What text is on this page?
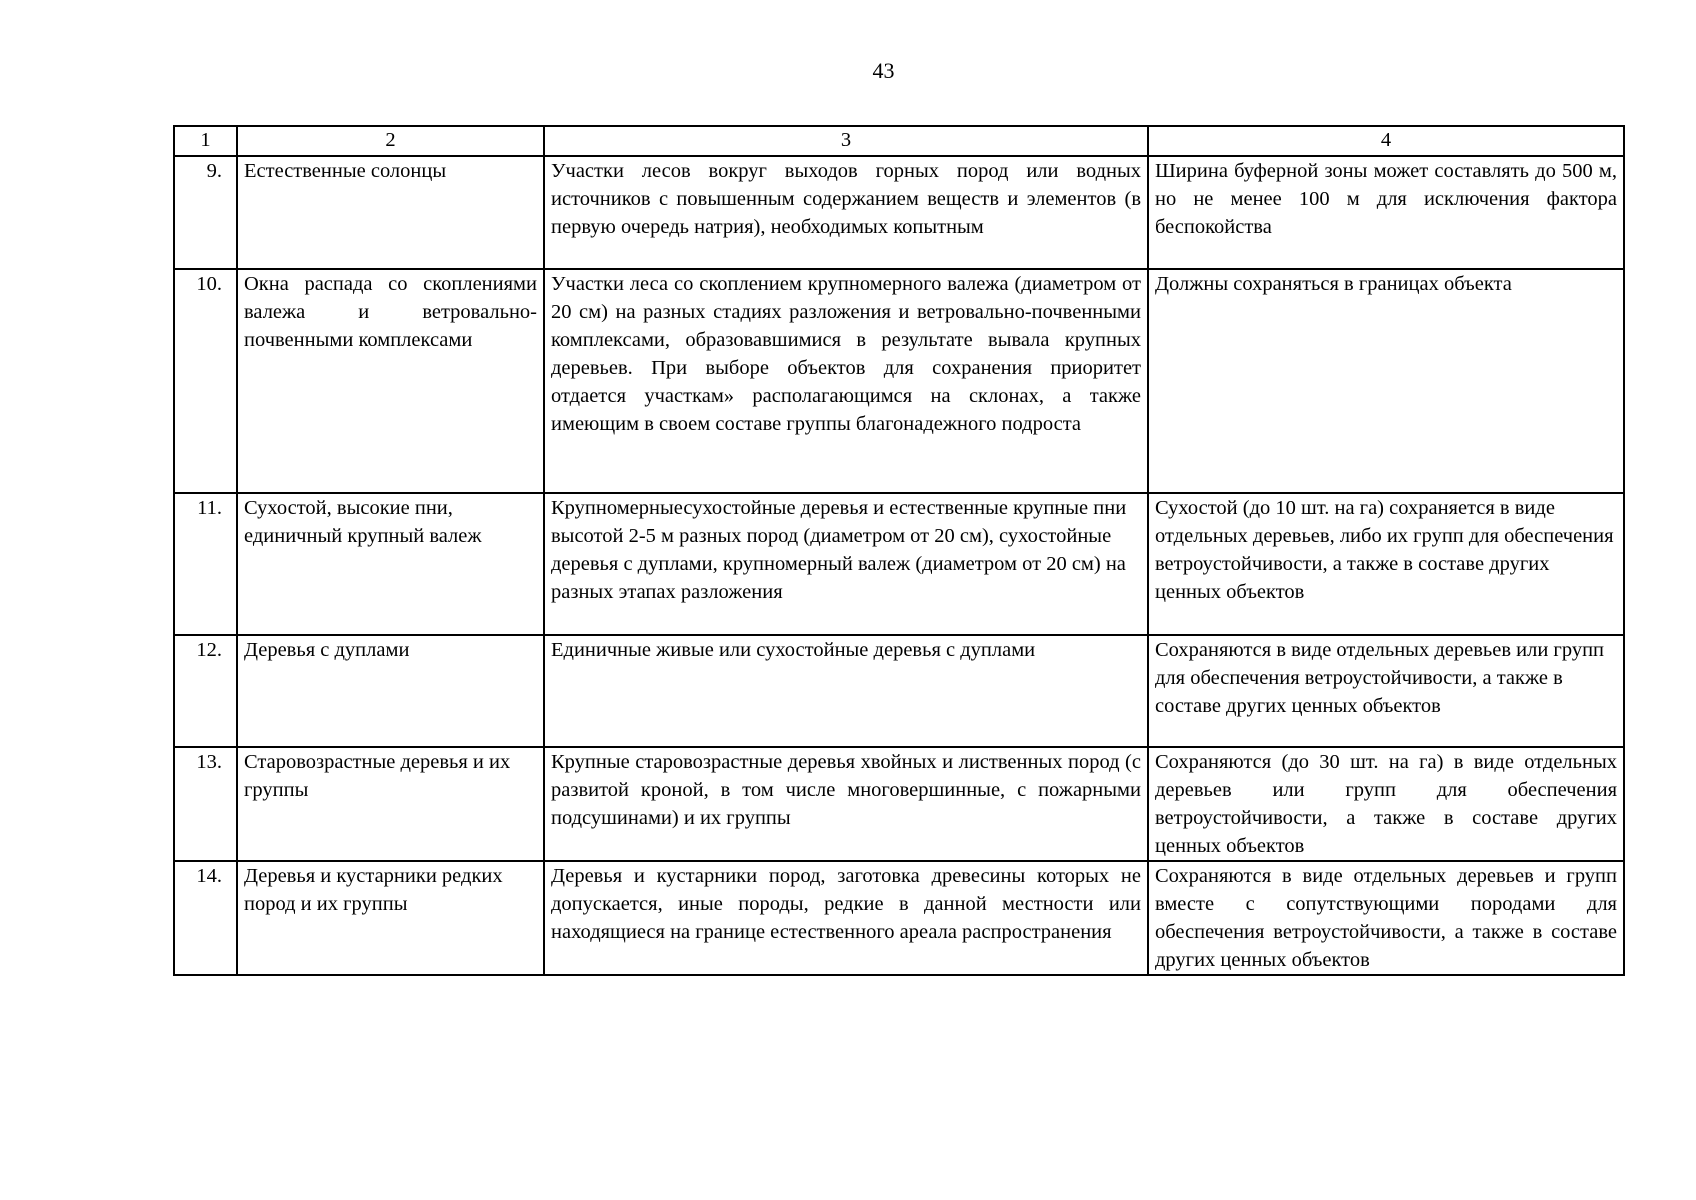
43
1	2	3	4
9.	Естественные солонцы	Участки лесов вокруг выходов горных пород или водных источников с повышенным содержанием веществ и элементов (в первую очередь натрия), необходимых копытным	Ширина буферной зоны может составлять до 500 м, но не менее 100 м для исключения фактора беспокойства
10.	Окна распада со скоплениями валежа и ветровально-почвенными комплексами	Участки леса со скоплением крупномерного валежа (диаметром от 20 см) на разных стадиях разложения и ветровально-почвенными комплексами, образовавшимися в результате вывала крупных деревьев. При выборе объектов для сохранения приоритет отдается участкам» располагающимся на склонах, а также имеющим в своем составе группы благонадежного подроста	Должны сохраняться в границах объекта
11.	Сухостой, высокие пни, единичный крупный валеж	Крупномерныесухостойные деревья и естественные крупные пни высотой 2-5 м разных пород (диаметром от 20 см), сухостойные деревья с дуплами, крупномерный валеж (диаметром от 20 см) на разных этапах разложения	Сухостой (до 10 шт. на га) сохраняется в виде отдельных деревьев, либо их групп для обеспечения ветроустойчивости, а также в составе других ценных объектов
12.	Деревья с дуплами	Единичные живые или сухостойные деревья с дуплами	Сохраняются в виде отдельных деревьев или групп для обеспечения ветроустойчивости, а также в составе других ценных объектов
13.	Старовозрастные деревья и их группы	Крупные старовозрастные деревья хвойных и лиственных пород (с развитой кроной, в том числе многовершинные, с пожарными подсушинами) и их группы	Сохраняются (до 30 шт. на га) в виде отдельных деревьев или групп для обеспечения ветроустойчивости, а также в составе других ценных объектов
14.	Деревья и кустарники редких пород и их группы	Деревья и кустарники пород, заготовка древесины которых не допускается, иные породы, редкие в данной местности или находящиеся на границе естественного ареала распространения	Сохраняются в виде отдельных деревьев и групп вместе с сопутствующими породами для обеспечения ветроустойчивости, а также в составе других ценных объектов
